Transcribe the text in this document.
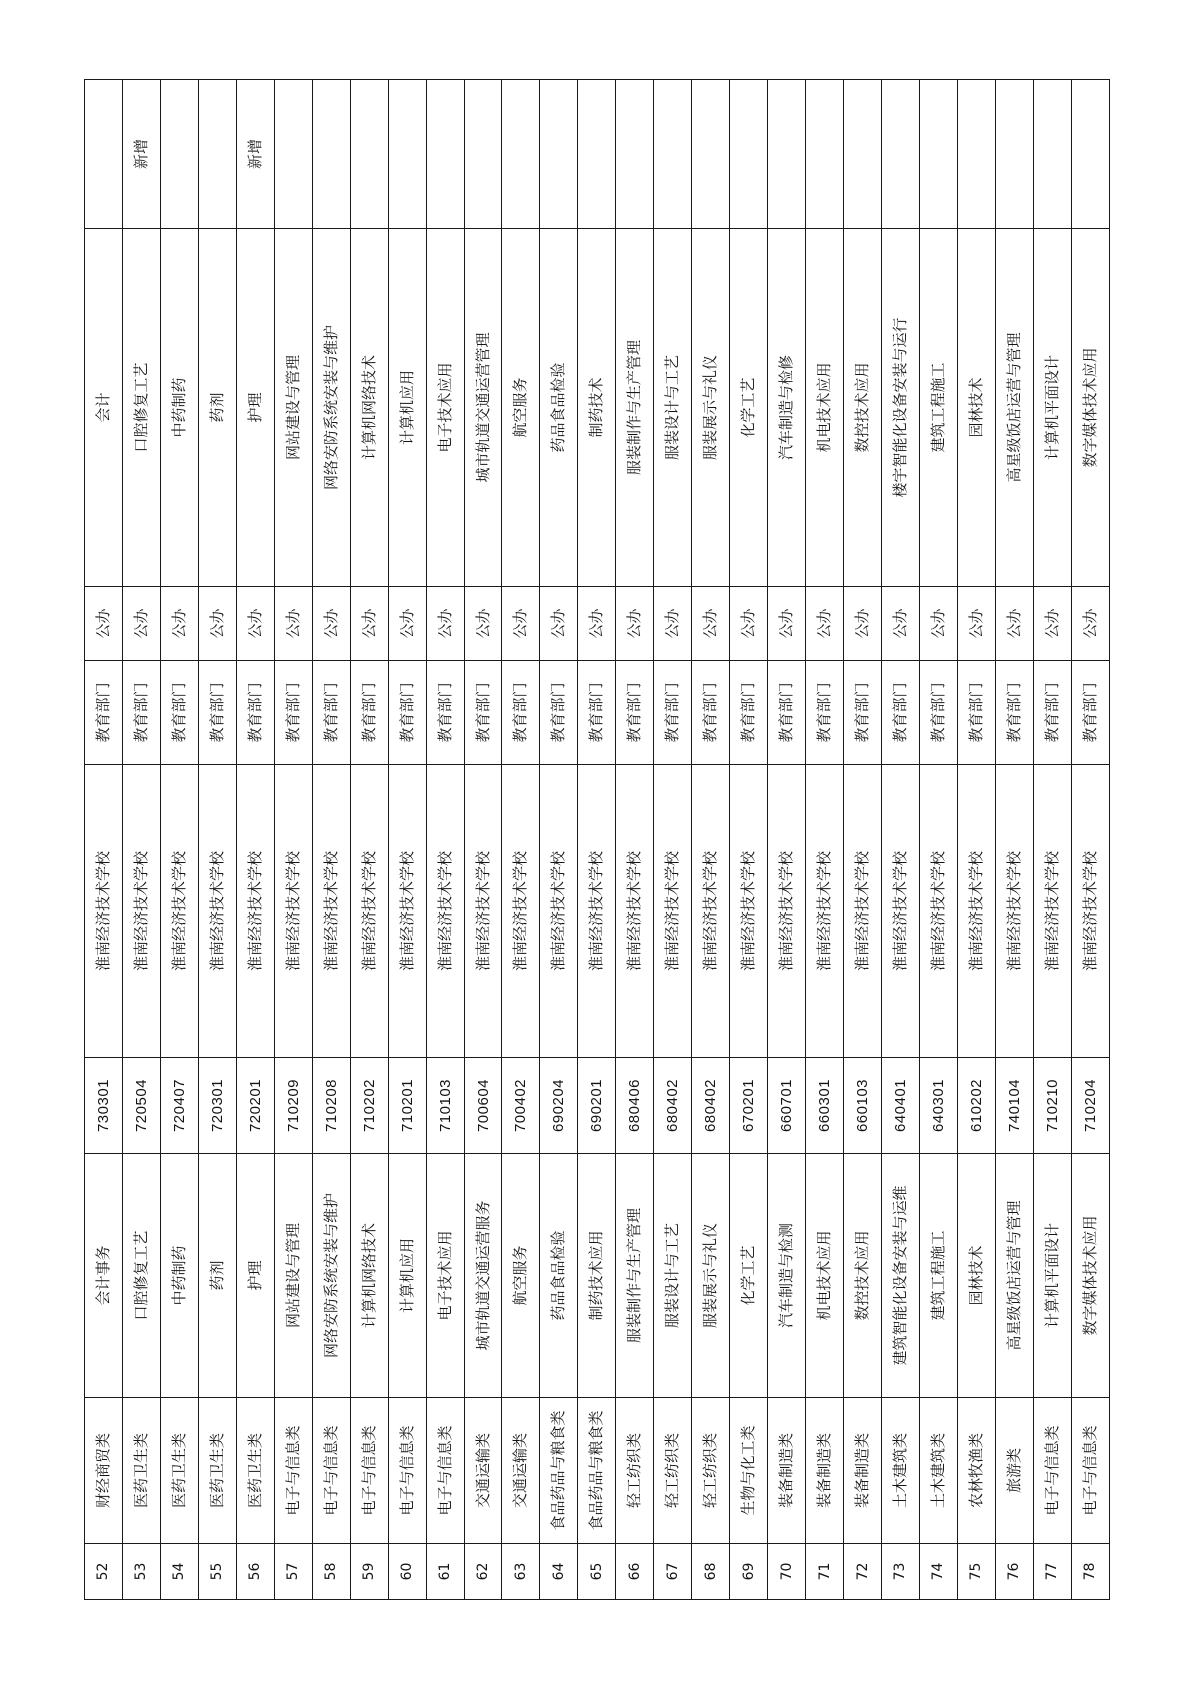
52	财经商贸类	会计事务	730301	淮南经济技术学校	教育部门	公办	会计	
53	医药卫生类	口腔修复工艺	720504	淮南经济技术学校	教育部门	公办	口腔修复工艺	新增
54	医药卫生类	中药制药	720407	淮南经济技术学校	教育部门	公办	中药制药	
55	医药卫生类	药剂	720301	淮南经济技术学校	教育部门	公办	药剂	
56	医药卫生类	护理	720201	淮南经济技术学校	教育部门	公办	护理	新增
57	电子与信息类	网站建设与管理	710209	淮南经济技术学校	教育部门	公办	网站建设与管理	
58	电子与信息类	网络安防系统安装与维护	710208	淮南经济技术学校	教育部门	公办	网络安防系统安装与维护	
59	电子与信息类	计算机网络技术	710202	淮南经济技术学校	教育部门	公办	计算机网络技术	
60	电子与信息类	计算机应用	710201	淮南经济技术学校	教育部门	公办	计算机应用	
61	电子与信息类	电子技术应用	710103	淮南经济技术学校	教育部门	公办	电子技术应用	
62	交通运输类	城市轨道交通运营服务	700604	淮南经济技术学校	教育部门	公办	城市轨道交通运营管理	
63	交通运输类	航空服务	700402	淮南经济技术学校	教育部门	公办	航空服务	
64	食品药品与粮食类	药品食品检验	690204	淮南经济技术学校	教育部门	公办	药品食品检验	
65	食品药品与粮食类	制药技术应用	690201	淮南经济技术学校	教育部门	公办	制药技术	
66	轻工纺织类	服装制作与生产管理	680406	淮南经济技术学校	教育部门	公办	服装制作与生产管理	
67	轻工纺织类	服装设计与工艺	680402	淮南经济技术学校	教育部门	公办	服装设计与工艺	
68	轻工纺织类	服装展示与礼仪	680402	淮南经济技术学校	教育部门	公办	服装展示与礼仪	
69	生物与化工类	化学工艺	670201	淮南经济技术学校	教育部门	公办	化学工艺	
70	装备制造类	汽车制造与检测	660701	淮南经济技术学校	教育部门	公办	汽车制造与检修	
71	装备制造类	机电技术应用	660301	淮南经济技术学校	教育部门	公办	机电技术应用	
72	装备制造类	数控技术应用	660103	淮南经济技术学校	教育部门	公办	数控技术应用	
73	土木建筑类	建筑智能化设备安装与运维	640401	淮南经济技术学校	教育部门	公办	楼宇智能化设备安装与运行	
74	土木建筑类	建筑工程施工	640301	淮南经济技术学校	教育部门	公办	建筑工程施工	
75	农林牧渔类	园林技术	610202	淮南经济技术学校	教育部门	公办	园林技术	
76	旅游类	高星级饭店运营与管理	740104	淮南经济技术学校	教育部门	公办	高星级饭店运营与管理	
77	电子与信息类	计算机平面设计	710210	淮南经济技术学校	教育部门	公办	计算机平面设计	
78	电子与信息类	数字媒体技术应用	710204	淮南经济技术学校	教育部门	公办	数字媒体技术应用	
